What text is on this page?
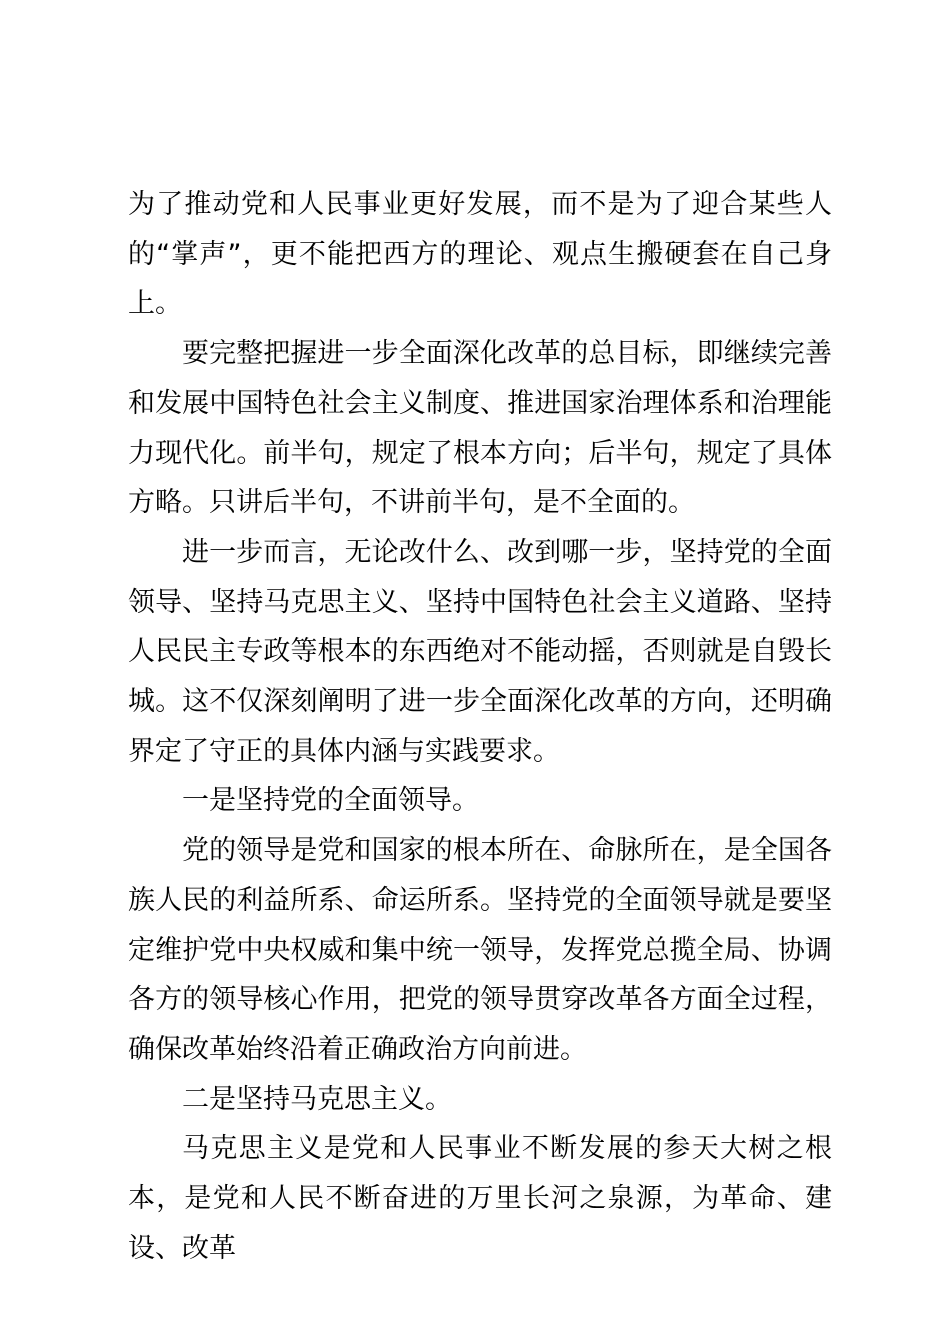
为了推动党和人民事业更好发展，而不是为了迎合某些人的“掌声”，更不能把西方的理论、观点生搬硬套在自己身上。

要完整把握进一步全面深化改革的总目标，即继续完善和发展中国特色社会主义制度、推进国家治理体系和治理能力现代化。前半句，规定了根本方向；后半句，规定了具体方略。只讲后半句，不讲前半句，是不全面的。

进一步而言，无论改什么、改到哪一步，坚持党的全面领导、坚持马克思主义、坚持中国特色社会主义道路、坚持人民民主专政等根本的东西绝对不能动摇，否则就是自毁长城。这不仅深刻阐明了进一步全面深化改革的方向，还明确界定了守正的具体内涵与实践要求。

一是坚持党的全面领导。

党的领导是党和国家的根本所在、命脉所在，是全国各族人民的利益所系、命运所系。坚持党的全面领导就是要坚定维护党中央权威和集中统一领导，发挥党总揽全局、协调各方的领导核心作用，把党的领导贯穿改革各方面全过程，确保改革始终沿着正确政治方向前进。

二是坚持马克思主义。

马克思主义是党和人民事业不断发展的参天大树之根本，是党和人民不断奋进的万里长河之泉源，为革命、建设、改革
